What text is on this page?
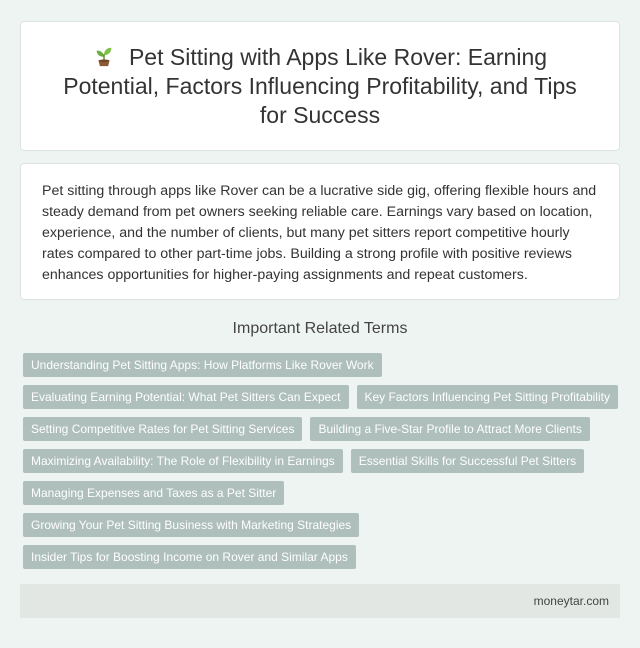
Pet Sitting with Apps Like Rover: Earning Potential, Factors Influencing Profitability, and Tips for Success

Pet sitting through apps like Rover can be a lucrative side gig, offering flexible hours and steady demand from pet owners seeking reliable care. Earnings vary based on location, experience, and the number of clients, but many pet sitters report competitive hourly rates compared to other part-time jobs. Building a strong profile with positive reviews enhances opportunities for higher-paying assignments and repeat customers.

Important Related Terms
Understanding Pet Sitting Apps: How Platforms Like Rover Work
Evaluating Earning Potential: What Pet Sitters Can Expect	Key Factors Influencing Pet Sitting Profitability
Setting Competitive Rates for Pet Sitting Services	Building a Five-Star Profile to Attract More Clients
Maximizing Availability: The Role of Flexibility in Earnings	Essential Skills for Successful Pet Sitters
Managing Expenses and Taxes as a Pet Sitter
Growing Your Pet Sitting Business with Marketing Strategies
Insider Tips for Boosting Income on Rover and Similar Apps
moneytar.com
